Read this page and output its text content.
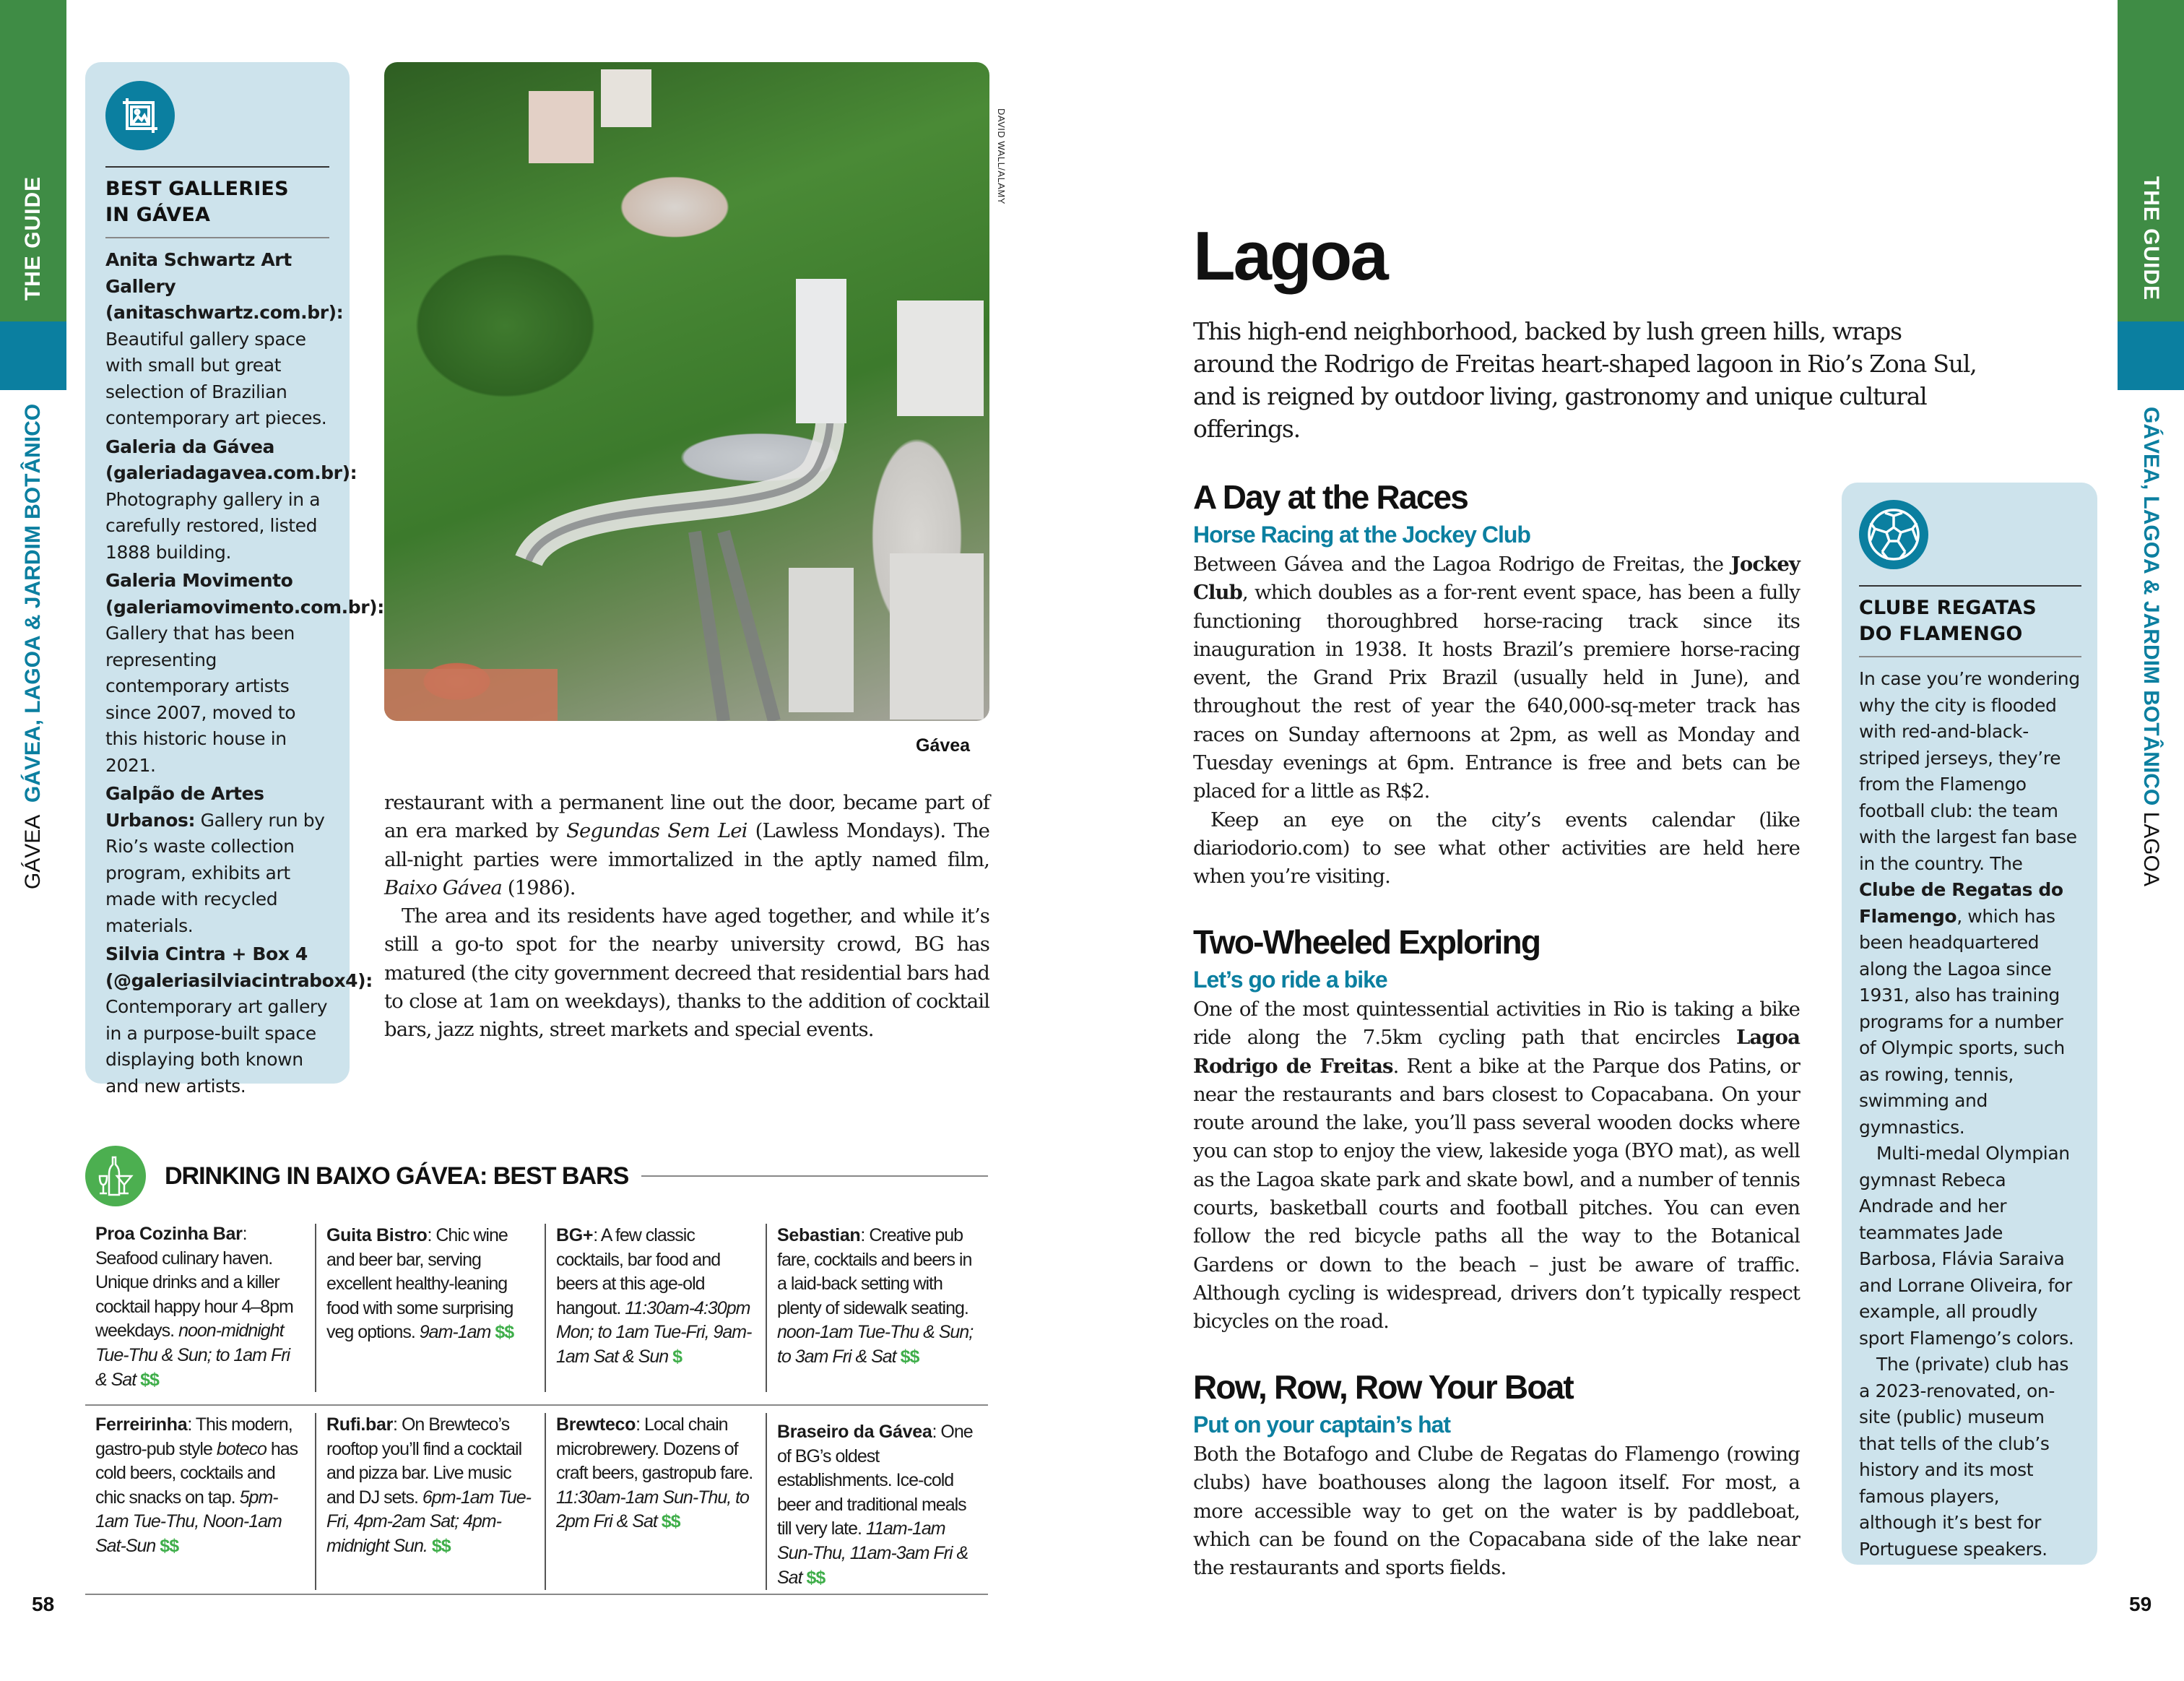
THE GUIDE
GÁVEA  GÁVEA, LAGOA & JARDIM BOTÂNICO
THE GUIDE
GÁVEA, LAGOA & JARDIM BOTÂNICO LAGOA
BEST GALLERIES
IN GÁVEA
Anita Schwartz Art Gallery (anitaschwartz.com.br): Beautiful gallery space with small but great selection of Brazilian contemporary art pieces.
Galeria da Gávea (galeriadagavea.com.br): Photography gallery in a carefully restored, listed 1888 building.
Galeria Movimento (galeriamovimento.com.br): Gallery that has been representing contemporary artists since 2007, moved to this historic house in 2021.
Galpão de Artes Urbanos: Gallery run by Rio’s waste collection program, exhibits art made with recycled materials.
Silvia Cintra + Box 4 (@galeriasilviacintrabox4): Contemporary art gallery in a purpose-built space displaying both known and new artists.
DAVID WALL/ALAMY
Gávea

restaurant with a permanent line out the door, became part of an era marked by Segundas Sem Lei (Lawless Mondays). The all-night parties were immortalized in the aptly named film, Baixo Gávea (1986).

The area and its residents have aged together, and while it’s still a go-to spot for the nearby university crowd, BG has matured (the city government decreed that residential bars had to close at 1am on weekdays), thanks to the addition of cocktail bars, jazz nights, street markets and special events.

DRINKING IN BAIXO GÁVEA: BEST BARS
Proa Cozinha Bar: Seafood culinary haven. Unique drinks and a killer cocktail happy hour 4–8pm weekdays. noon-midnight Tue-Thu & Sun; to 1am Fri & Sat $$
Guita Bistro: Chic wine and beer bar, serving excellent healthy-leaning food with some surprising veg options. 9am-1am $$
BG+: A few classic cocktails, bar food and beers at this age-old hangout. 11:30am-4:30pm Mon; to 1am Tue-Fri, 9am-1am Sat & Sun $
Sebastian: Creative pub fare, cocktails and beers in a laid-back setting with plenty of sidewalk seating. noon-1am Tue-Thu & Sun; to 3am Fri & Sat $$
Ferreirinha: This modern, gastro-pub style boteco has cold beers, cocktails and chic snacks on tap. 5pm-1am Tue-Thu, Noon-1am Sat-Sun $$
Rufi.bar: On Brewteco’s rooftop you’ll find a cocktail and pizza bar. Live music and DJ sets. 6pm-1am Tue-Fri, 4pm-2am Sat; 4pm-midnight Sun. $$
Brewteco: Local chain microbrewery. Dozens of craft beers, gastropub fare. 11:30am-1am Sun-Thu, to 2pm Fri & Sat $$
Braseiro da Gávea: One of BG’s oldest establishments. Ice-cold beer and traditional meals till very late. 11am-1am Sun-Thu, 11am-3am Fri & Sat $$
58
Lagoa

This high-end neighborhood, backed by lush green hills, wraps around the Rodrigo de Freitas heart-shaped lagoon in Rio’s Zona Sul, and is reigned by outdoor living, gastronomy and unique cultural offerings.

A Day at the Races
Horse Racing at the Jockey Club

Between Gávea and the Lagoa Rodrigo de Freitas, the Jockey Club, which doubles as a for-rent event space, has been a fully functioning thoroughbred horse-racing track since its inauguration in 1938. It hosts Brazil’s premiere horse-racing event, the Grand Prix Brazil (usually held in June), and throughout the rest of year the 640,000-sq-meter track has races on Sunday afternoons at 2pm, as well as Monday and Tuesday evenings at 6pm. Entrance is free and bets can be placed for a little as R$2.

Keep an eye on the city’s events calendar (like diariodorio.com) to see what other activities are held here when you’re visiting.

Two-Wheeled Exploring
Let’s go ride a bike

One of the most quintessential activities in Rio is taking a bike ride along the 7.5km cycling path that encircles Lagoa Rodrigo de Freitas. Rent a bike at the Parque dos Patins, or near the restaurants and bars closest to Copacabana. On your route around the lake, you’ll pass several wooden docks where you can stop to enjoy the view, lakeside yoga (BYO mat), as well as the Lagoa skate park and skate bowl, and a number of tennis courts, basketball courts and football pitches. You can even follow the red bicycle paths all the way to the Botanical Gardens or down to the beach – just be aware of traffic. Although cycling is widespread, drivers don’t typically respect bicycles on the road.

Row, Row, Row Your Boat
Put on your captain’s hat

Both the Botafogo and Clube de Regatas do Flamengo (rowing clubs) have boathouses along the lagoon itself. For most, a more accessible way to get on the water is by paddleboat, which can be found on the Copacabana side of the lake near the restaurants and sports fields.

CLUBE REGATAS
DO FLAMENGO

In case you’re wondering why the city is flooded with red-and-black-striped jerseys, they’re from the Flamengo football club: the team with the largest fan base in the country. The Clube de Regatas do Flamengo, which has been headquartered along the Lagoa since 1931, also has training programs for a number of Olympic sports, such as rowing, tennis, swimming and gymnastics.

Multi-medal Olympian gymnast Rebeca Andrade and her teammates Jade Barbosa, Flávia Saraiva and Lorrane Oliveira, for example, all proudly sport Flamengo’s colors.

The (private) club has a 2023-renovated, on-site (public) museum that tells of the club’s history and its most famous players, although it’s best for Portuguese speakers.

59
